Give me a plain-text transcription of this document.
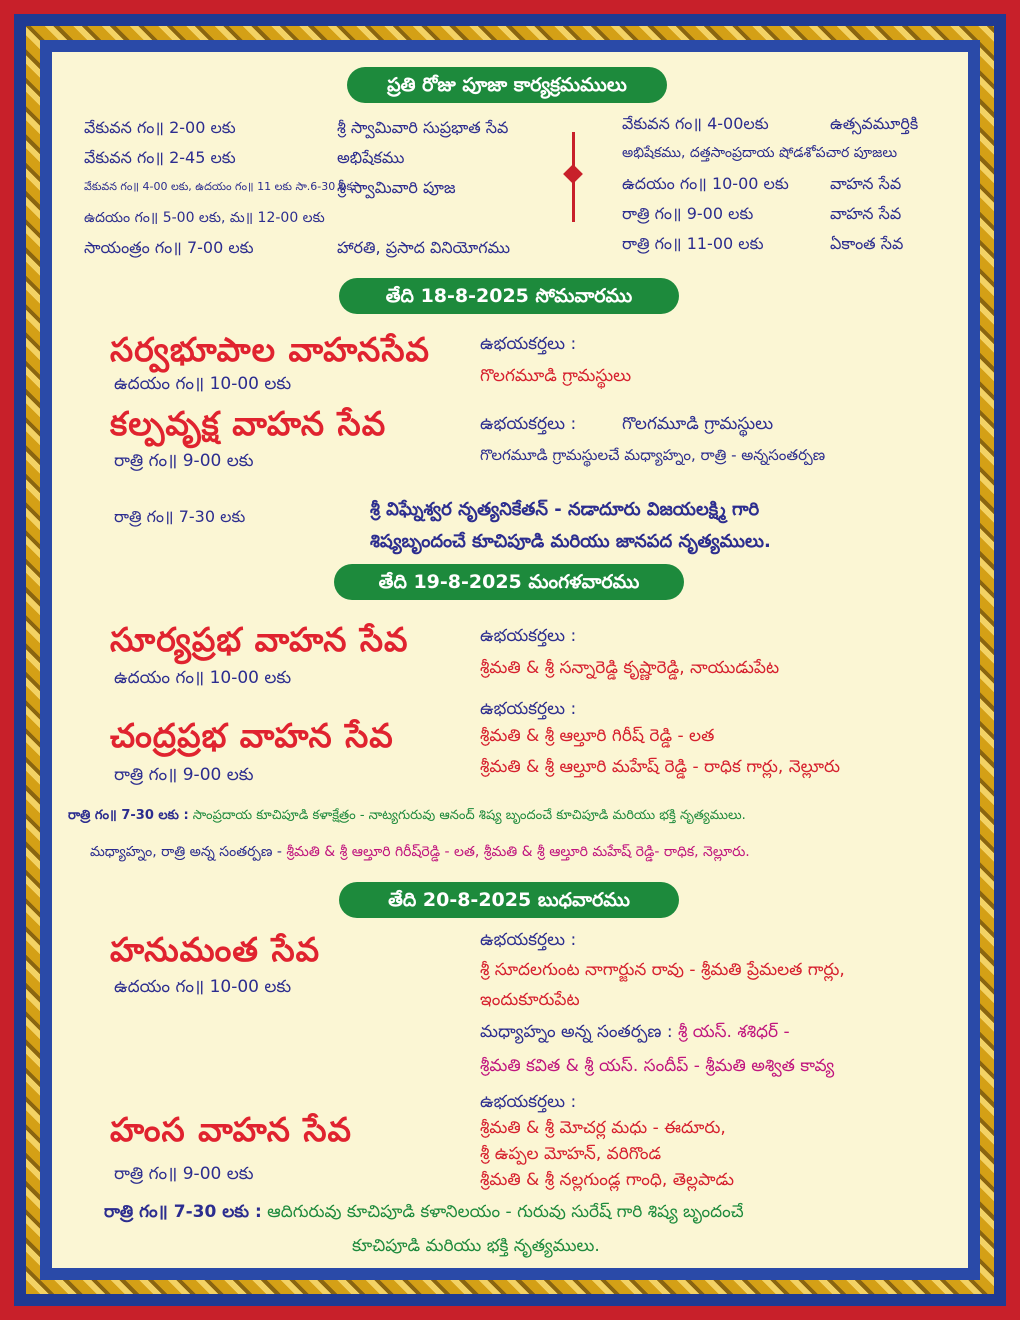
ప్రతి రోజు పూజా కార్యక్రమములు
వేకువన గం॥ 2-00 లకు	శ్రీ స్వామివారి సుప్రభాత సేవ
వేకువన గం॥ 2-45 లకు	అభిషేకము
వేకువన గం॥ 4-00 లకు, ఉదయం గం॥ 11 లకు సా.6-30 లకు
శ్రీ స్వామివారి పూజ
ఉదయం గం॥ 5-00 లకు, మ॥ 12-00 లకు
సాయంత్రం గం॥ 7-00 లకు	హారతి, ప్రసాద వినియోగము
వేకువన గం॥ 4-00లకు	ఉత్సవమూర్తికి
అభిషేకము, దత్తసాంప్రదాయ షోడశోపచార పూజలు
ఉదయం గం॥ 10-00 లకు	వాహన సేవ
రాత్రి గం॥ 9-00 లకు	వాహన సేవ
రాత్రి గం॥ 11-00 లకు	ఏకాంత సేవ
తేది 18-8-2025 సోమవారము
సర్వభూపాల వాహనసేవ
ఉదయం గం॥ 10-00 లకు
ఉభయకర్తలు :
గొలగమూడి గ్రామస్థులు
కల్పవృక్ష వాహన సేవ
రాత్రి గం॥ 9-00 లకు
ఉభయకర్తలు :	గొలగమూడి గ్రామస్థులు
గొలగమూడి గ్రామస్థులచే మధ్యాహ్నం, రాత్రి - అన్నసంతర్పణ
రాత్రి గం॥ 7-30 లకు	శ్రీ విఘ్నేశ్వర నృత్యనికేతన్ - నడాదూరు విజయలక్ష్మి గారి
శిష్యబృందంచే కూచిపూడి మరియు జానపద నృత్యములు.
తేది 19-8-2025 మంగళవారము
సూర్యప్రభ వాహన సేవ
ఉదయం గం॥ 10-00 లకు
ఉభయకర్తలు :
శ్రీమతి & శ్రీ సన్నారెడ్డి కృష్ణారెడ్డి, నాయుడుపేట
ఉభయకర్తలు :
చంద్రప్రభ వాహన సేవ	శ్రీమతి & శ్రీ ఆల్తూరి గిరీష్ రెడ్డి - లత
శ్రీమతి & శ్రీ ఆల్తూరి మహేష్ రెడ్డి - రాధిక గార్లు, నెల్లూరు
రాత్రి గం॥ 9-00 లకు
రాత్రి గం॥ 7-30 లకు : సాంప్రదాయ కూచిపూడి కళాక్షేత్రం - నాట్యగురువు ఆనంద్ శిష్య బృందంచే కూచిపూడి మరియు భక్తి నృత్యములు.
మధ్యాహ్నం, రాత్రి అన్న సంతర్పణ - శ్రీమతి & శ్రీ ఆల్తూరి గిరీష్‌రెడ్డి - లత, శ్రీమతి & శ్రీ ఆల్తూరి మహేష్ రెడ్డి- రాధిక, నెల్లూరు.
తేది 20-8-2025 బుధవారము
హనుమంత సేవ
ఉదయం గం॥ 10-00 లకు
ఉభయకర్తలు :
శ్రీ సూదలగుంట నాగార్జున రావు - శ్రీమతి ప్రేమలత గార్లు,
ఇందుకూరుపేట
మధ్యాహ్నం అన్న సంతర్పణ : శ్రీ యస్. శశిధర్ -
శ్రీమతి కవిత & శ్రీ యస్. సందీప్ - శ్రీమతి అశ్విత కావ్య
ఉభయకర్తలు :
హంస వాహన సేవ	శ్రీమతి & శ్రీ మోచర్ల మధు - ఈదూరు,
శ్రీ ఉప్పల మోహన్, వరిగొండ
రాత్రి గం॥ 9-00 లకు	శ్రీమతి & శ్రీ నల్లగుండ్ల గాంధి, తెల్లపాడు
రాత్రి గం॥ 7-30 లకు : ఆదిగురువు కూచిపూడి కళానిలయం - గురువు సురేష్ గారి శిష్య బృందంచే
కూచిపూడి మరియు భక్తి నృత్యములు.
